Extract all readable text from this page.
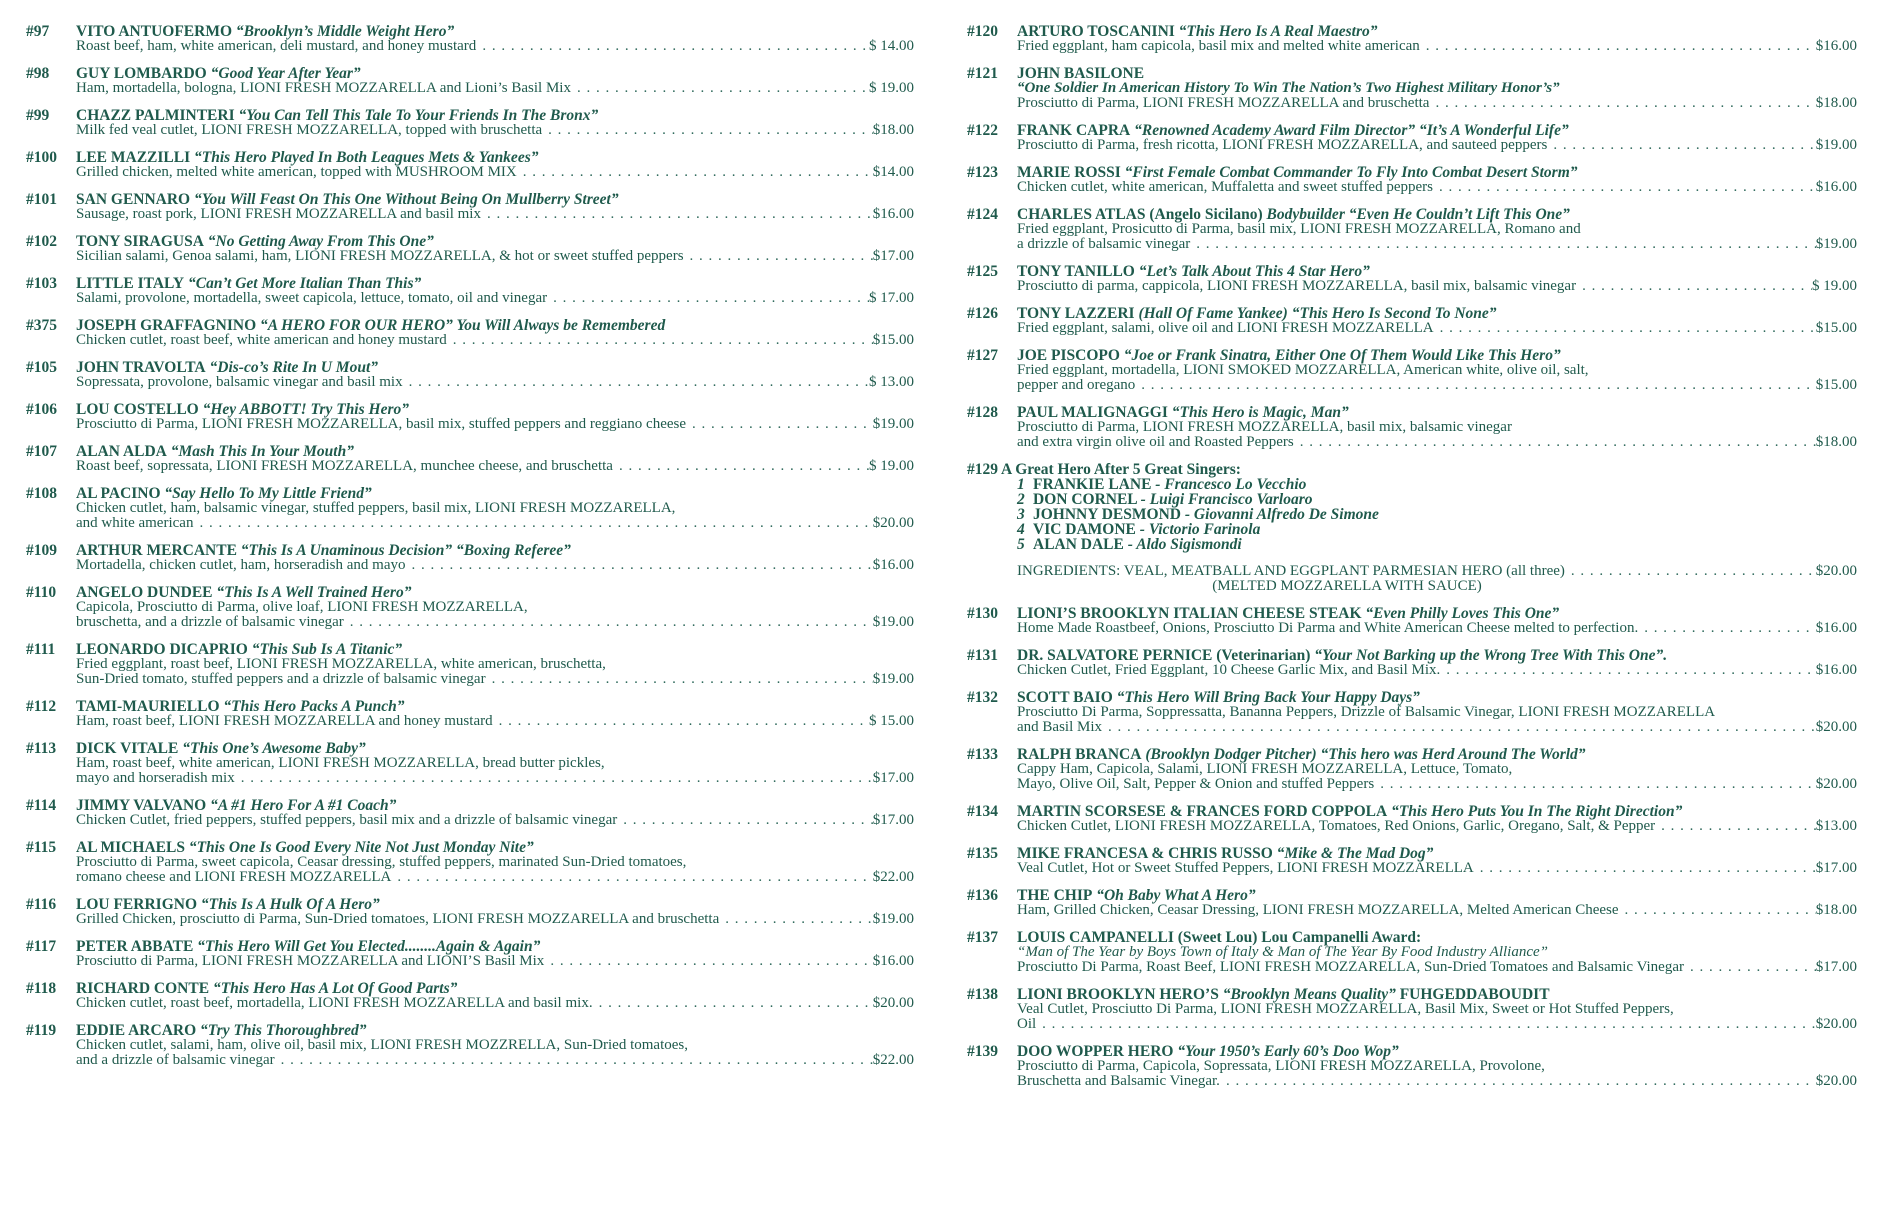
#97 VITO ANTUOFERMO “Brooklyn’s Middle Weight Hero”
Roast beef, ham, white american, deli mustard, and honey mustard . . .	$ 14.00
#98 GUY LOMBARDO “Good Year After Year”
Ham, mortadella, bologna, LIONI FRESH MOZZARELLA and Lioni’s Basil Mix . . .	$ 19.00
#99 CHAZZ PALMINTERI “You Can Tell This Tale To Your Friends In The Bronx”
Milk fed veal cutlet, LIONI FRESH MOZZARELLA, topped with bruschetta . . .	$18.00
#100 LEE MAZZILLI “This Hero Played In Both Leagues Mets & Yankees”
Grilled chicken, melted white american, topped with MUSHROOM MIX . . .	$14.00
#101 SAN GENNARO “You Will Feast On This One Without Being On Mullberry Street”
Sausage, roast pork, LIONI FRESH MOZZARELLA and basil mix . . .	$16.00
#102 TONY SIRAGUSA “No Getting Away From This One”
Sicilian salami, Genoa salami, ham, LIONI FRESH MOZZARELLA, & hot or sweet stuffed peppers . . .	$17.00
#103 LITTLE ITALY “Can’t Get More Italian Than This”
Salami, provolone, mortadella, sweet capicola, lettuce, tomato, oil and vinegar . . .	$ 17.00
#375 JOSEPH GRAFFAGNINO “A HERO FOR OUR HERO” You Will Always be Remembered
Chicken cutlet, roast beef, white american and honey mustard . . .	$15.00
#105 JOHN TRAVOLTA “Dis-co’s Rite In U Mout”
Sopressata, provolone, balsamic vinegar and basil mix . . .	$ 13.00
#106 LOU COSTELLO “Hey ABBOTT! Try This Hero”
Prosciutto di Parma, LIONI FRESH MOZZARELLA, basil mix, stuffed peppers and reggiano cheese . . .	$19.00
#107 ALAN ALDA “Mash This In Your Mouth”
Roast beef, sopressata, LIONI FRESH MOZZARELLA, munchee cheese, and bruschetta . . .	$ 19.00
#108 AL PACINO “Say Hello To My Little Friend”
Chicken cutlet, ham, balsamic vinegar, stuffed peppers, basil mix, LIONI FRESH MOZZARELLA,
and white american . . .	$20.00
#109 ARTHUR MERCANTE “This Is A Unaminous Decision” “Boxing Referee”
Mortadella, chicken cutlet, ham, horseradish and mayo . . .	$16.00
#110 ANGELO DUNDEE “This Is A Well Trained Hero”
Capicola, Prosciutto di Parma, olive loaf, LIONI FRESH MOZZARELLA,
bruschetta, and a drizzle of balsamic vinegar . . .	$19.00
#111 LEONARDO DICAPRIO “This Sub Is A Titanic”
Fried eggplant, roast beef, LIONI FRESH MOZZARELLA, white american, bruschetta,
Sun-Dried tomato, stuffed peppers and a drizzle of balsamic vinegar . . .	$19.00
#112 TAMI-MAURIELLO “This Hero Packs A Punch”
Ham, roast beef, LIONI FRESH MOZZARELLA and honey mustard . . .	$ 15.00
#113 DICK VITALE “This One’s Awesome Baby”
Ham, roast beef, white american, LIONI FRESH MOZZARELLA, bread butter pickles,
mayo and horseradish mix . . .	$17.00
#114 JIMMY VALVANO “A #1 Hero For A #1 Coach”
Chicken Cutlet, fried peppers, stuffed peppers, basil mix and a drizzle of balsamic vinegar . . .	$17.00
#115 AL MICHAELS “This One Is Good Every Nite Not Just Monday Nite”
Prosciutto di Parma, sweet capicola, Ceasar dressing, stuffed peppers, marinated Sun-Dried tomatoes,
romano cheese and LIONI FRESH MOZZARELLA . . .	$22.00
#116 LOU FERRIGNO “This Is A Hulk Of A Hero”
Grilled Chicken, prosciutto di Parma, Sun-Dried tomatoes, LIONI FRESH MOZZARELLA and bruschetta . . .	$19.00
#117 PETER ABBATE “This Hero Will Get You Elected........Again & Again”
Prosciutto di Parma, LIONI FRESH MOZZARELLA and LIONI’S Basil Mix . . .	$16.00
#118 RICHARD CONTE “This Hero Has A Lot Of Good Parts”
Chicken cutlet, roast beef, mortadella, LIONI FRESH MOZZARELLA and basil mix. . . .	$20.00
#119 EDDIE ARCARO “Try This Thoroughbred”
Chicken cutlet, salami, ham, olive oil, basil mix, LIONI FRESH MOZZRELLA, Sun-Dried tomatoes,
and a drizzle of balsamic vinegar . . .	$22.00
#120 ARTURO TOSCANINI “This Hero Is A Real Maestro”
Fried eggplant, ham capicola, basil mix and melted white american . . .	$16.00
#121 JOHN BASILONE
“One Soldier In American History To Win The Nation’s Two Highest Military Honor’s”
Prosciutto di Parma, LIONI FRESH MOZZARELLA and bruschetta . . .	$18.00
#122 FRANK CAPRA “Renowned Academy Award Film Director” “It’s A Wonderful Life”
Prosciutto di Parma, fresh ricotta, LIONI FRESH MOZZARELLA, and sauteed peppers . . .	$19.00
#123 MARIE ROSSI “First Female Combat Commander To Fly Into Combat Desert Storm”
Chicken cutlet, white american, Muffaletta and sweet stuffed peppers . . .	$16.00
#124 CHARLES ATLAS (Angelo Sicilano) Bodybuilder “Even He Couldn’t Lift This One”
Fried eggplant, Prosicutto di Parma, basil mix, LIONI FRESH MOZZARELLA, Romano and
a drizzle of balsamic vinegar . . .	$19.00
#125 TONY TANILLO “Let’s Talk About This 4 Star Hero”
Prosciutto di parma, cappicola, LIONI FRESH MOZZARELLA, basil mix, balsamic vinegar . . .	$ 19.00
#126 TONY LAZZERI (Hall Of Fame Yankee) “This Hero Is Second To None”
Fried eggplant, salami, olive oil and LIONI FRESH MOZZARELLA . . .	$15.00
#127 JOE PISCOPO “Joe or Frank Sinatra, Either One Of Them Would Like This Hero”
Fried eggplant, mortadella, LIONI SMOKED MOZZARELLA, American white, olive oil, salt,
pepper and oregano . . .	$15.00
#128 PAUL MALIGNAGGI “This Hero is Magic, Man”
Prosciutto di Parma, LIONI FRESH MOZZARELLA, basil mix, balsamic vinegar
and extra virgin olive oil and Roasted Peppers . . .	$18.00
#129 A Great Hero After 5 Great Singers:
1 FRANKIE LANE - Francesco Lo Vecchio
2 DON CORNEL - Luigi Francisco Varloaro
3 JOHNNY DESMOND - Giovanni Alfredo De Simone
4 VIC DAMONE - Victorio Farinola
5 ALAN DALE - Aldo Sigismondi
INGREDIENTS: VEAL, MEATBALL AND EGGPLANT PARMESIAN HERO (all three) . . .	$20.00
(MELTED MOZZARELLA WITH SAUCE)
#130 LIONI’S BROOKLYN ITALIAN CHEESE STEAK “Even Philly Loves This One”
Home Made Roastbeef, Onions, Prosciutto Di Parma and White American Cheese melted to perfection. . . .	$16.00
#131 DR. SALVATORE PERNICE (Veterinarian) “Your Not Barking up the Wrong Tree With This One”.
Chicken Cutlet, Fried Eggplant, 10 Cheese Garlic Mix, and Basil Mix. . . .	$16.00
#132 SCOTT BAIO “This Hero Will Bring Back Your Happy Days”
Prosciutto Di Parma, Soppressatta, Bananna Peppers, Drizzle of Balsamic Vinegar, LIONI FRESH MOZZARELLA
and Basil Mix . . .	$20.00
#133 RALPH BRANCA (Brooklyn Dodger Pitcher) “This hero was Herd Around The World”
Cappy Ham, Capicola, Salami, LIONI FRESH MOZZARELLA, Lettuce, Tomato,
Mayo, Olive Oil, Salt, Pepper & Onion and stuffed Peppers . . .	$20.00
#134 MARTIN SCORSESE & FRANCES FORD COPPOLA “This Hero Puts You In The Right Direction”
Chicken Cutlet, LIONI FRESH MOZZARELLA, Tomatoes, Red Onions, Garlic, Oregano, Salt, & Pepper . . .	$13.00
#135 MIKE FRANCESA & CHRIS RUSSO “Mike & The Mad Dog”
Veal Cutlet, Hot or Sweet Stuffed Peppers, LIONI FRESH MOZZARELLA . . .	$17.00
#136 THE CHIP “Oh Baby What A Hero”
Ham, Grilled Chicken, Ceasar Dressing, LIONI FRESH MOZZARELLA, Melted American Cheese . . .	$18.00
#137 LOUIS CAMPANELLI (Sweet Lou) Lou Campanelli Award:
“Man of The Year by Boys Town of Italy & Man of The Year By Food Industry Alliance”
Prosciutto Di Parma, Roast Beef, LIONI FRESH MOZZARELLA, Sun-Dried Tomatoes and Balsamic Vinegar . . .	$17.00
#138 LIONI BROOKLYN HERO’S “Brooklyn Means Quality” FUHGEDDABOUDIT
Veal Cutlet, Prosciutto Di Parma, LIONI FRESH MOZZARELLA, Basil Mix, Sweet or Hot Stuffed Peppers,
Oil . . .	$20.00
#139 DOO WOPPER HERO “Your 1950’s Early 60’s Doo Wop”
Prosciutto di Parma, Capicola, Sopressata, LIONI FRESH MOZZARELLA, Provolone,
Bruschetta and Balsamic Vinegar. . . .	$20.00
